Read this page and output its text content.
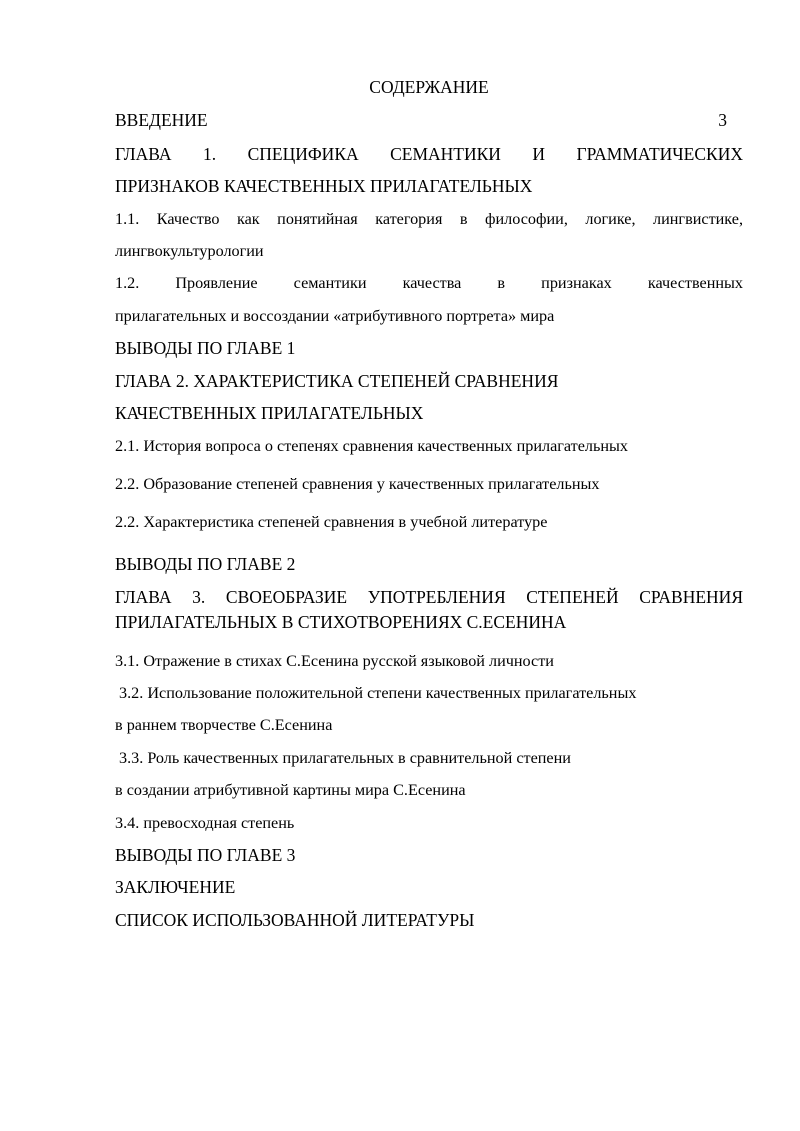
СОДЕРЖАНИЕ
ВВЕДЕНИЕ	3
ГЛАВА 1. СПЕЦИФИКА СЕМАНТИКИ И ГРАММАТИЧЕСКИХ
ПРИЗНАКОВ КАЧЕСТВЕННЫХ ПРИЛАГАТЕЛЬНЫХ
1.1. Качество как понятийная категория в философии, логике, лингвистике,
лингвокультурологии
1.2. Проявление семантики качества в признаках качественных
прилагательных и воссоздании «атрибутивного портрета» мира
ВЫВОДЫ ПО ГЛАВЕ 1
ГЛАВА 2. ХАРАКТЕРИСТИКА СТЕПЕНЕЙ СРАВНЕНИЯ
КАЧЕСТВЕННЫХ ПРИЛАГАТЕЛЬНЫХ
2.1. История вопроса о степенях сравнения качественных прилагательных
2.2. Образование степеней сравнения у качественных прилагательных
2.2. Характеристика степеней сравнения в учебной литературе
ВЫВОДЫ ПО ГЛАВЕ 2
ГЛАВА 3. СВОЕОБРАЗИЕ УПОТРЕБЛЕНИЯ СТЕПЕНЕЙ СРАВНЕНИЯ
ПРИЛАГАТЕЛЬНЫХ В СТИХОТВОРЕНИЯХ С.ЕСЕНИНА
3.1. Отражение в стихах С.Есенина русской языковой личности
3.2. Использование положительной степени качественных прилагательных
в раннем творчестве С.Есенина
3.3. Роль качественных прилагательных в сравнительной степени
в создании атрибутивной картины мира С.Есенина
3.4. превосходная степень
ВЫВОДЫ ПО ГЛАВЕ 3
ЗАКЛЮЧЕНИЕ
СПИСОК ИСПОЛЬЗОВАННОЙ ЛИТЕРАТУРЫ
